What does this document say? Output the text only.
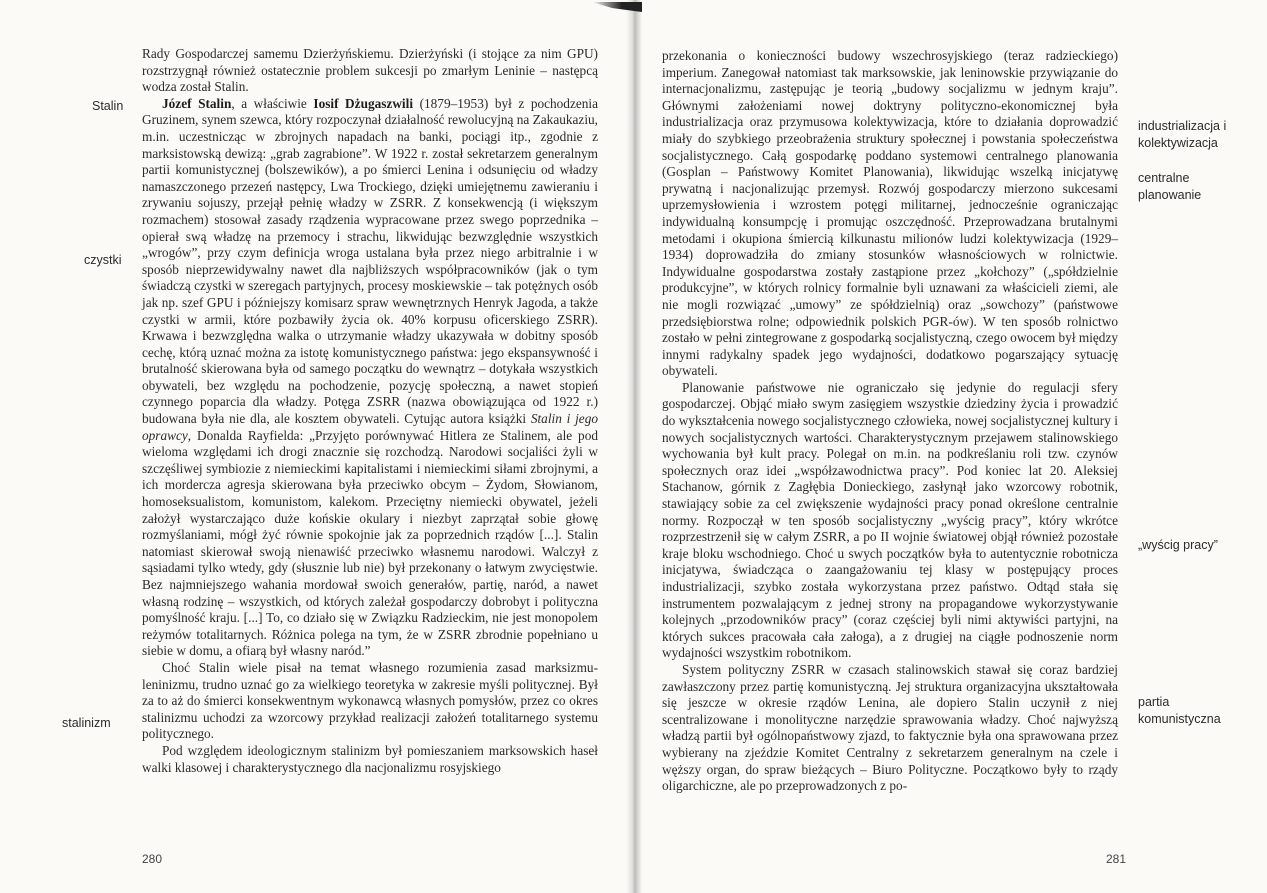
Stalin
czystki
stalinizm

Rady Gospodarczej samemu Dzierżyńskiemu. Dzierżyński (i stojące za nim GPU) rozstrzygnął również ostatecznie problem sukcesji po zmarłym Leninie – następcą wodza został Stalin.

Józef Stalin, a właściwie Iosif Dżugaszwili (1879–1953) był z pochodzenia Gruzinem, synem szewca, który rozpoczynał działalność rewolucyjną na Zakaukaziu, m.in. uczestnicząc w zbrojnych napadach na banki, pociągi itp., zgodnie z marksistowską dewizą: „grab zagrabione”. W 1922 r. został sekretarzem generalnym partii komunistycznej (bolszewików), a po śmierci Lenina i odsunięciu od władzy namaszczonego przezeń następcy, Lwa Trockiego, dzięki umiejętnemu zawieraniu i zrywaniu sojuszy, przejął pełnię władzy w ZSRR. Z konsekwencją (i większym rozmachem) stosował zasady rządzenia wypracowane przez swego poprzednika – opierał swą władzę na przemocy i strachu, likwidując bezwzględnie wszystkich „wrogów”, przy czym definicja wroga ustalana była przez niego arbitralnie i w sposób nieprzewidywalny nawet dla najbliższych współpracowników (jak o tym świadczą czystki w szeregach partyjnych, procesy moskiewskie – tak potężnych osób jak np. szef GPU i późniejszy komisarz spraw wewnętrznych Henryk Jagoda, a także czystki w armii, które pozbawiły życia ok. 40% korpusu oficerskiego ZSRR). Krwawa i bezwzględna walka o utrzymanie władzy ukazywała w dobitny sposób cechę, którą uznać można za istotę komunistycznego państwa: jego ekspansywność i brutalność skierowana była od samego początku do wewnątrz – dotykała wszystkich obywateli, bez względu na pochodzenie, pozycję społeczną, a nawet stopień czynnego poparcia dla władzy. Potęga ZSRR (nazwa obowiązująca od 1922 r.) budowana była nie dla, ale kosztem obywateli. Cytując autora książki Stalin i jego oprawcy, Donalda Rayfielda: „Przyjęto porównywać Hitlera ze Stalinem, ale pod wieloma względami ich drogi znacznie się rozchodzą. Narodowi socjaliści żyli w szczęśliwej symbiozie z niemieckimi kapitalistami i niemieckimi siłami zbrojnymi, a ich mordercza agresja skierowana była przeciwko obcym – Żydom, Słowianom, homoseksualistom, komunistom, kalekom. Przeciętny niemiecki obywatel, jeżeli założył wystarczająco duże końskie okulary i niezbyt zaprzątał sobie głowę rozmyślaniami, mógł żyć równie spokojnie jak za poprzednich rządów [...]. Stalin natomiast skierował swoją nienawiść przeciwko własnemu narodowi. Walczył z sąsiadami tylko wtedy, gdy (słusznie lub nie) był przekonany o łatwym zwycięstwie. Bez najmniejszego wahania mordował swoich generałów, partię, naród, a nawet własną rodzinę – wszystkich, od których zależał gospodarczy dobrobyt i polityczna pomyślność kraju. [...] To, co działo się w Związku Radzieckim, nie jest monopolem reżymów totalitarnych. Różnica polega na tym, że w ZSRR zbrodnie popełniano u siebie w domu, a ofiarą był własny naród.”

Choć Stalin wiele pisał na temat własnego rozumienia zasad marksizmu-leninizmu, trudno uznać go za wielkiego teoretyka w zakresie myśli politycznej. Był za to aż do śmierci konsekwentnym wykonawcą własnych pomysłów, przez co okres stalinizmu uchodzi za wzorcowy przykład realizacji założeń totalitarnego systemu politycznego.

Pod względem ideologicznym stalinizm był pomieszaniem marksowskich haseł walki klasowej i charakterystycznego dla nacjonalizmu rosyjskiego

280

przekonania o konieczności budowy wszechrosyjskiego (teraz radzieckiego) imperium. Zanegował natomiast tak marksowskie, jak leninowskie przywiązanie do internacjonalizmu, zastępując je teorią „budowy socjalizmu w jednym kraju”. Głównymi założeniami nowej doktryny polityczno-ekonomicznej była industrializacja oraz przymusowa kolektywizacja, które to działania doprowadzić miały do szybkiego przeobrażenia struktury społecznej i powstania społeczeństwa socjalistycznego. Całą gospodarkę poddano systemowi centralnego planowania (Gosplan – Państwowy Komitet Planowania), likwidując wszelką inicjatywę prywatną i nacjonalizując przemysł. Rozwój gospodarczy mierzono sukcesami uprzemysłowienia i wzrostem potęgi militarnej, jednocześnie ograniczając indywidualną konsumpcję i promując oszczędność. Przeprowadzana brutalnymi metodami i okupiona śmiercią kilkunastu milionów ludzi kolektywizacja (1929–1934) doprowadziła do zmiany stosunków własnościowych w rolnictwie. Indywidualne gospodarstwa zostały zastąpione przez „kołchozy” („spółdzielnie produkcyjne”, w których rolnicy formalnie byli uznawani za właścicieli ziemi, ale nie mogli rozwiązać „umowy” ze spółdzielnią) oraz „sowchozy” (państwowe przedsiębiorstwa rolne; odpowiednik polskich PGR-ów). W ten sposób rolnictwo zostało w pełni zintegrowane z gospodarką socjalistyczną, czego owocem był między innymi radykalny spadek jego wydajności, dodatkowo pogarszający sytuację obywateli.

Planowanie państwowe nie ograniczało się jedynie do regulacji sfery gospodarczej. Objąć miało swym zasięgiem wszystkie dziedziny życia i prowadzić do wykształcenia nowego socjalistycznego człowieka, nowej socjalistycznej kultury i nowych socjalistycznych wartości. Charakterystycznym przejawem stalinowskiego wychowania był kult pracy. Polegał on m.in. na podkreślaniu roli tzw. czynów społecznych oraz idei „współzawodnictwa pracy”. Pod koniec lat 20. Aleksiej Stachanow, górnik z Zagłębia Donieckiego, zasłynął jako wzorcowy robotnik, stawiający sobie za cel zwiększenie wydajności pracy ponad określone centralnie normy. Rozpoczął w ten sposób socjalistyczny „wyścig pracy”, który wkrótce rozprzestrzenił się w całym ZSRR, a po II wojnie światowej objął również pozostałe kraje bloku wschodniego. Choć u swych początków była to autentycznie robotnicza inicjatywa, świadcząca o zaangażowaniu tej klasy w postępujący proces industrializacji, szybko została wykorzystana przez państwo. Odtąd stała się instrumentem pozwalającym z jednej strony na propagandowe wykorzystywanie kolejnych „przodowników pracy” (coraz częściej byli nimi aktywiści partyjni, na których sukces pracowała cała załoga), a z drugiej na ciągłe podnoszenie norm wydajności wszystkim robotnikom.

System polityczny ZSRR w czasach stalinowskich stawał się coraz bardziej zawłaszczony przez partię komunistyczną. Jej struktura organizacyjna ukształtowała się jeszcze w okresie rządów Lenina, ale dopiero Stalin uczynił z niej scentralizowane i monolityczne narzędzie sprawowania władzy. Choć najwyższą władzą partii był ogólnopaństwowy zjazd, to faktycznie była ona sprawowana przez wybierany na zjeździe Komitet Centralny z sekretarzem generalnym na czele i węższy organ, do spraw bieżących – Biuro Polityczne. Początkowo były to rządy oligarchiczne, ale po przeprowadzonych z po-

industrializacja i kolektywizacja
centralne planowanie
„wyścig pracy”
partia komunistyczna
281
